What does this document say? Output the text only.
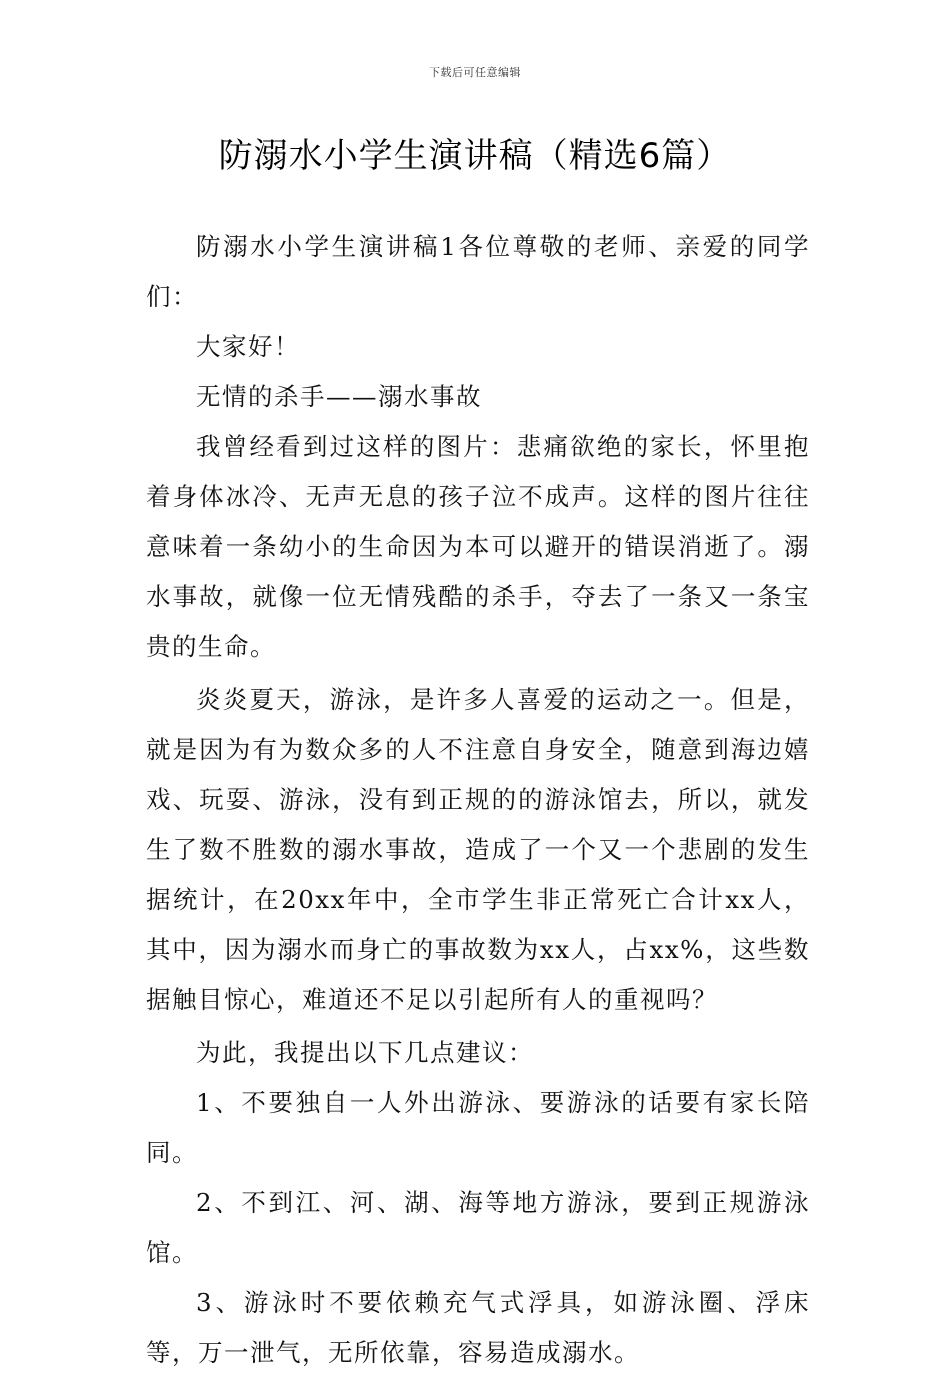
下载后可任意编辑
防溺水小学生演讲稿（精选6篇）

防溺水小学生演讲稿1各位尊敬的老师、亲爱的同学们：

大家好！

无情的杀手——溺水事故

我曾经看到过这样的图片：悲痛欲绝的家长，怀里抱着身体冰冷、无声无息的孩子泣不成声。这样的图片往往意味着一条幼小的生命因为本可以避开的错误消逝了。溺水事故，就像一位无情残酷的杀手，夺去了一条又一条宝贵的生命。

炎炎夏天，游泳，是许多人喜爱的运动之一。但是，就是因为有为数众多的人不注意自身安全，随意到海边嬉戏、玩耍、游泳，没有到正规的的游泳馆去，所以，就发生了数不胜数的溺水事故，造成了一个又一个悲剧的发生据统计，在20xx年中，全市学生非正常死亡合计xx人，其中，因为溺水而身亡的事故数为xx人，占xx%，这些数据触目惊心，难道还不足以引起所有人的重视吗？

为此，我提出以下几点建议：

1、不要独自一人外出游泳、要游泳的话要有家长陪同。

2、不到江、河、湖、海等地方游泳，要到正规游泳馆。

3、游泳时不要依赖充气式浮具，如游泳圈、浮床等，万一泄气，无所依靠，容易造成溺水。
